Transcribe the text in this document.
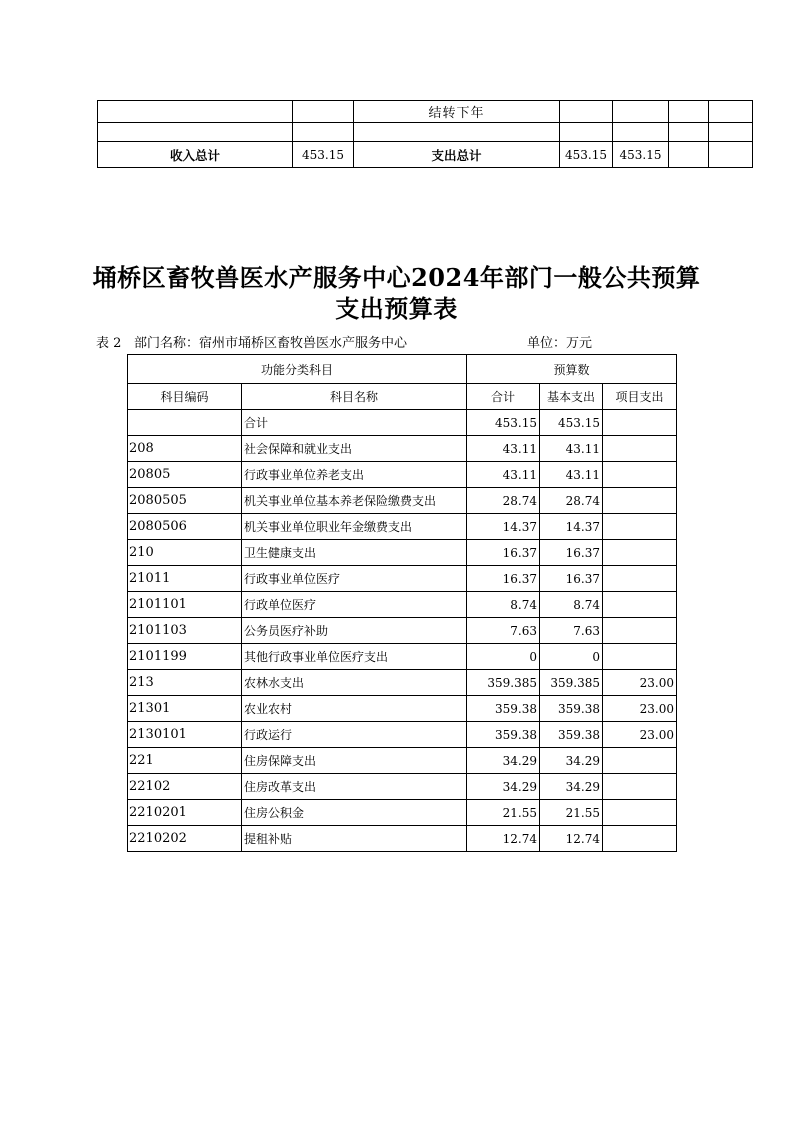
		结转下年				

收入总计	453.15	支出总计	453.15	453.15		
埇桥区畜牧兽医水产服务中心2024年部门一般公共预算
支出预算表
表 2 部门名称：宿州市埇桥区畜牧兽医水产服务中心	单位：万元
功能分类科目		预算数		
科目编码	科目名称	合计	基本支出	项目支出
	合计	453.15	453.15	
208	社会保障和就业支出	43.11	43.11	
20805	行政事业单位养老支出	43.11	43.11	
2080505	机关事业单位基本养老保险缴费支出	28.74	28.74	
2080506	机关事业单位职业年金缴费支出	14.37	14.37	
210	卫生健康支出	16.37	16.37	
21011	行政事业单位医疗	16.37	16.37	
2101101	行政单位医疗	8.74	8.74	
2101103	公务员医疗补助	7.63	7.63	
2101199	其他行政事业单位医疗支出	0	0	
213	农林水支出	359.385	359.385	23.00
21301	农业农村	359.38	359.38	23.00
2130101	行政运行	359.38	359.38	23.00
221	住房保障支出	34.29	34.29	
22102	住房改革支出	34.29	34.29	
2210201	住房公积金	21.55	21.55	
2210202	提租补贴	12.74	12.74	
